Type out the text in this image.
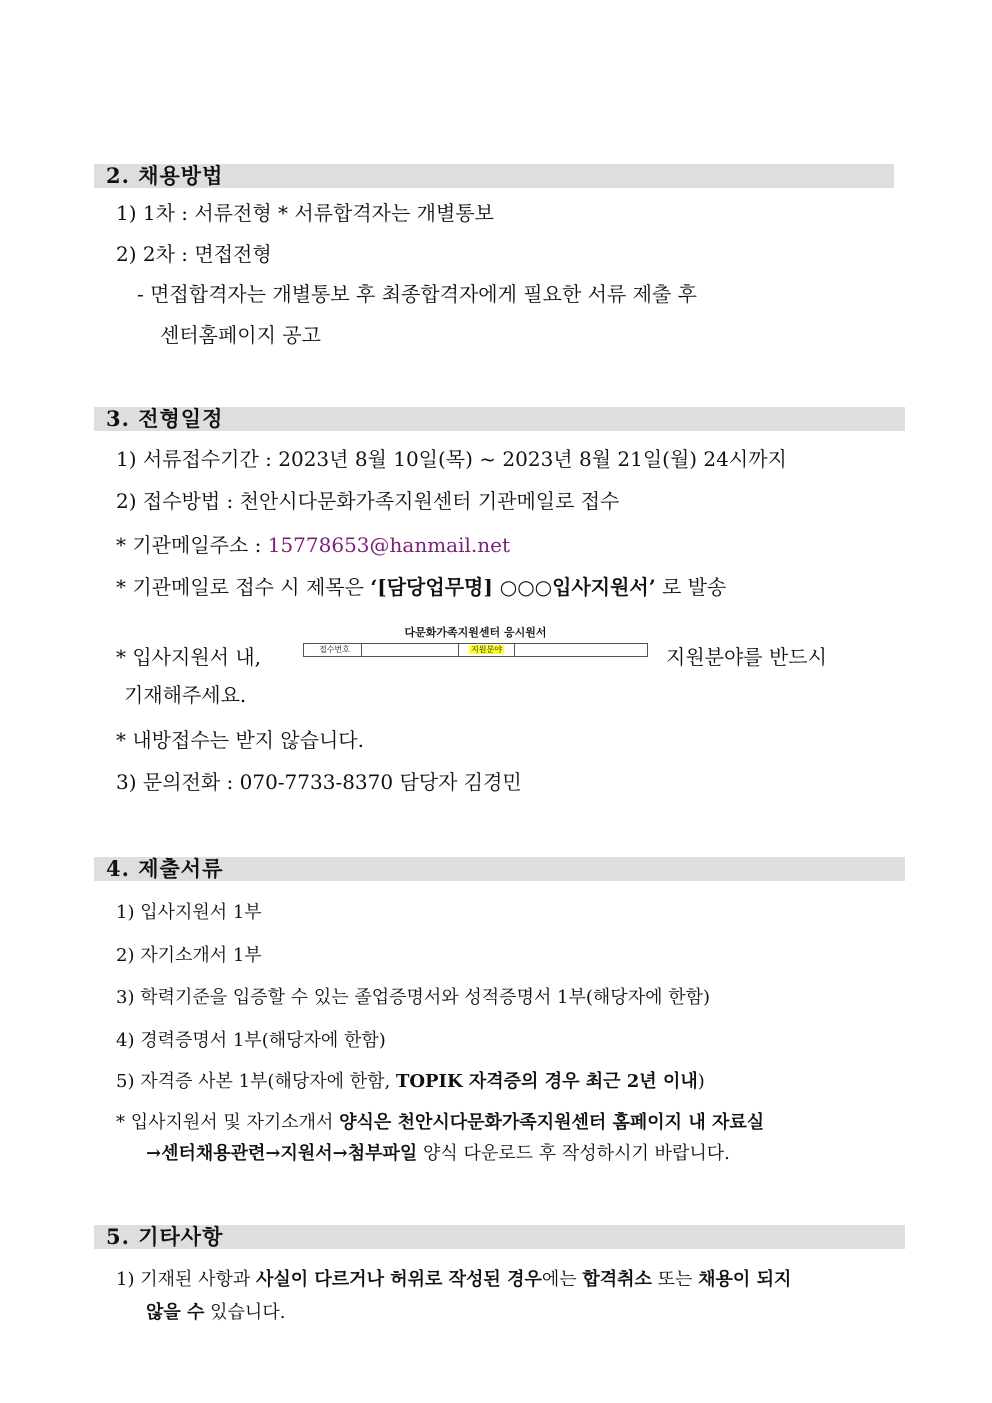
2. 채용방법
1) 1차 : 서류전형 * 서류합격자는 개별통보
2) 2차 : 면접전형
- 면접합격자는 개별통보 후 최종합격자에게 필요한 서류 제출 후
센터홈페이지 공고
3. 전형일정
1) 서류접수기간 : 2023년 8월 10일(목) ~ 2023년 8월 21일(월) 24시까지
2) 접수방법 : 천안시다문화가족지원센터 기관메일로 접수
* 기관메일주소 : 15778653@hanmail.net
* 기관메일로 접수 시 제목은 ‘[담당업무명] ○○○입사지원서’ 로 발송
* 입사지원서 내,
다문화가족지원센터 응시원서
접수번호	지원분야	지원분야를 반드시
기재해주세요.
* 내방접수는 받지 않습니다.
3) 문의전화 : 070-7733-8370 담당자 김경민
4. 제출서류
1) 입사지원서 1부
2) 자기소개서 1부
3) 학력기준을 입증할 수 있는 졸업증명서와 성적증명서 1부(해당자에 한함)
4) 경력증명서 1부(해당자에 한함)
5) 자격증 사본 1부(해당자에 한함, TOPIK 자격증의 경우 최근 2년 이내)
* 입사지원서 및 자기소개서 양식은 천안시다문화가족지원센터 홈페이지 내 자료실
→센터채용관련→지원서→첨부파일 양식 다운로드 후 작성하시기 바랍니다.
5. 기타사항
1) 기재된 사항과 사실이 다르거나 허위로 작성된 경우에는 합격취소 또는 채용이 되지
않을 수 있습니다.
